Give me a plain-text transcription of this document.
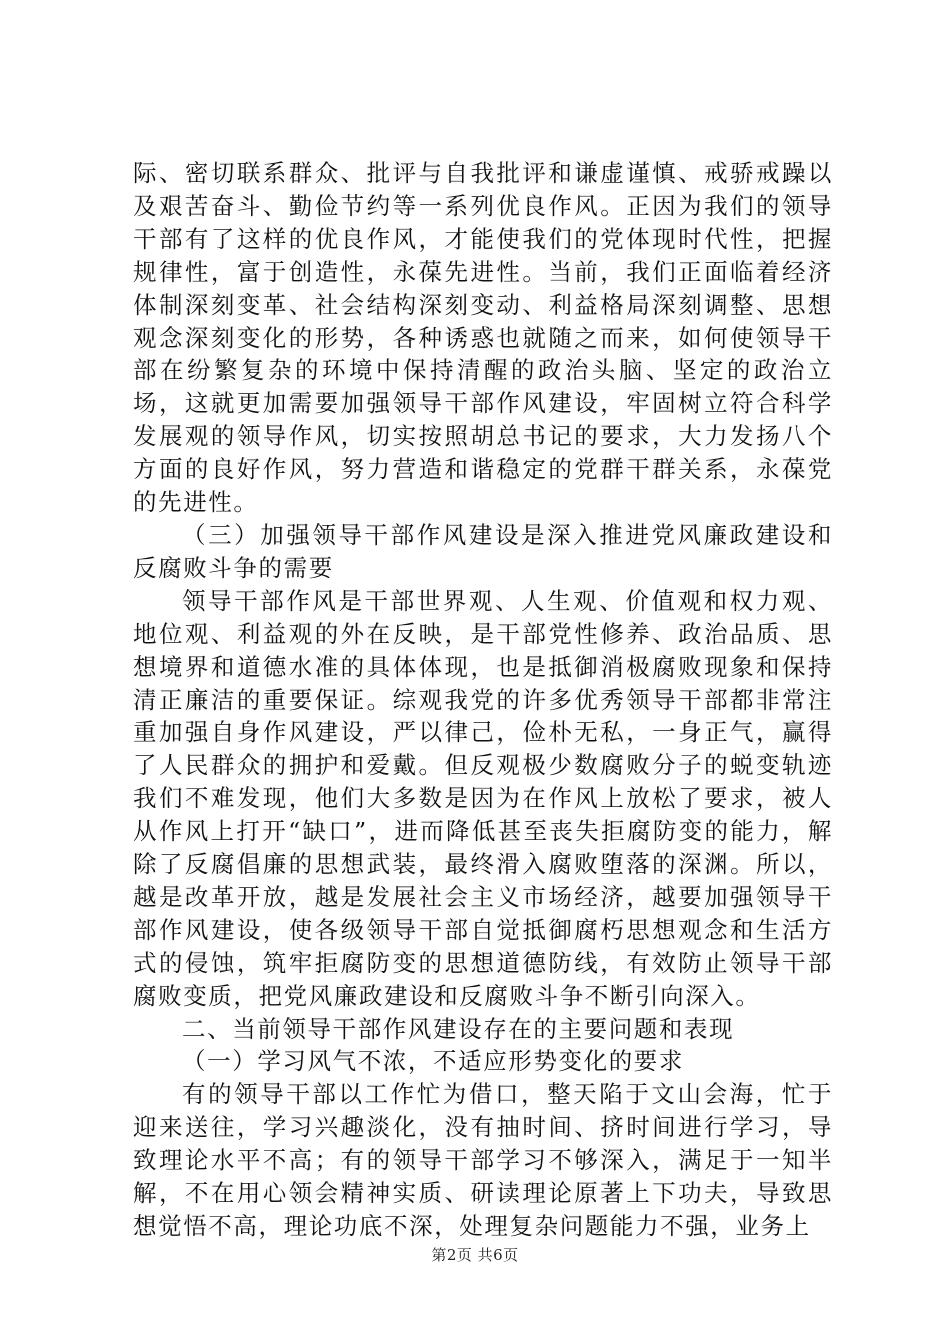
际、密切联系群众、批评与自我批评和谦虚谨慎、戒骄戒躁以及艰苦奋斗、勤俭节约等一系列优良作风。正因为我们的领导干部有了这样的优良作风，才能使我们的党体现时代性，把握规律性，富于创造性，永葆先进性。当前，我们正面临着经济体制深刻变革、社会结构深刻变动、利益格局深刻调整、思想观念深刻变化的形势，各种诱惑也就随之而来，如何使领导干部在纷繁复杂的环境中保持清醒的政治头脑、坚定的政治立场，这就更加需要加强领导干部作风建设，牢固树立符合科学发展观的领导作风，切实按照胡总书记的要求，大力发扬八个方面的良好作风，努力营造和谐稳定的党群干群关系，永葆党的先进性。

（三）加强领导干部作风建设是深入推进党风廉政建设和反腐败斗争的需要

领导干部作风是干部世界观、人生观、价值观和权力观、地位观、利益观的外在反映，是干部党性修养、政治品质、思想境界和道德水准的具体体现，也是抵御消极腐败现象和保持清正廉洁的重要保证。综观我党的许多优秀领导干部都非常注重加强自身作风建设，严以律己，俭朴无私，一身正气，赢得了人民群众的拥护和爱戴。但反观极少数腐败分子的蜕变轨迹我们不难发现，他们大多数是因为在作风上放松了要求，被人从作风上打开“缺口”，进而降低甚至丧失拒腐防变的能力，解除了反腐倡廉的思想武装，最终滑入腐败堕落的深渊。所以，越是改革开放，越是发展社会主义市场经济，越要加强领导干部作风建设，使各级领导干部自觉抵御腐朽思想观念和生活方式的侵蚀，筑牢拒腐防变的思想道德防线，有效防止领导干部腐败变质，把党风廉政建设和反腐败斗争不断引向深入。

二、当前领导干部作风建设存在的主要问题和表现

（一）学习风气不浓，不适应形势变化的要求

有的领导干部以工作忙为借口，整天陷于文山会海，忙于迎来送往，学习兴趣淡化，没有抽时间、挤时间进行学习，导致理论水平不高；有的领导干部学习不够深入，满足于一知半解，不在用心领会精神实质、研读理论原著上下功夫，导致思想觉悟不高，理论功底不深，处理复杂问题能力不强，业务上

第2页 共6页
